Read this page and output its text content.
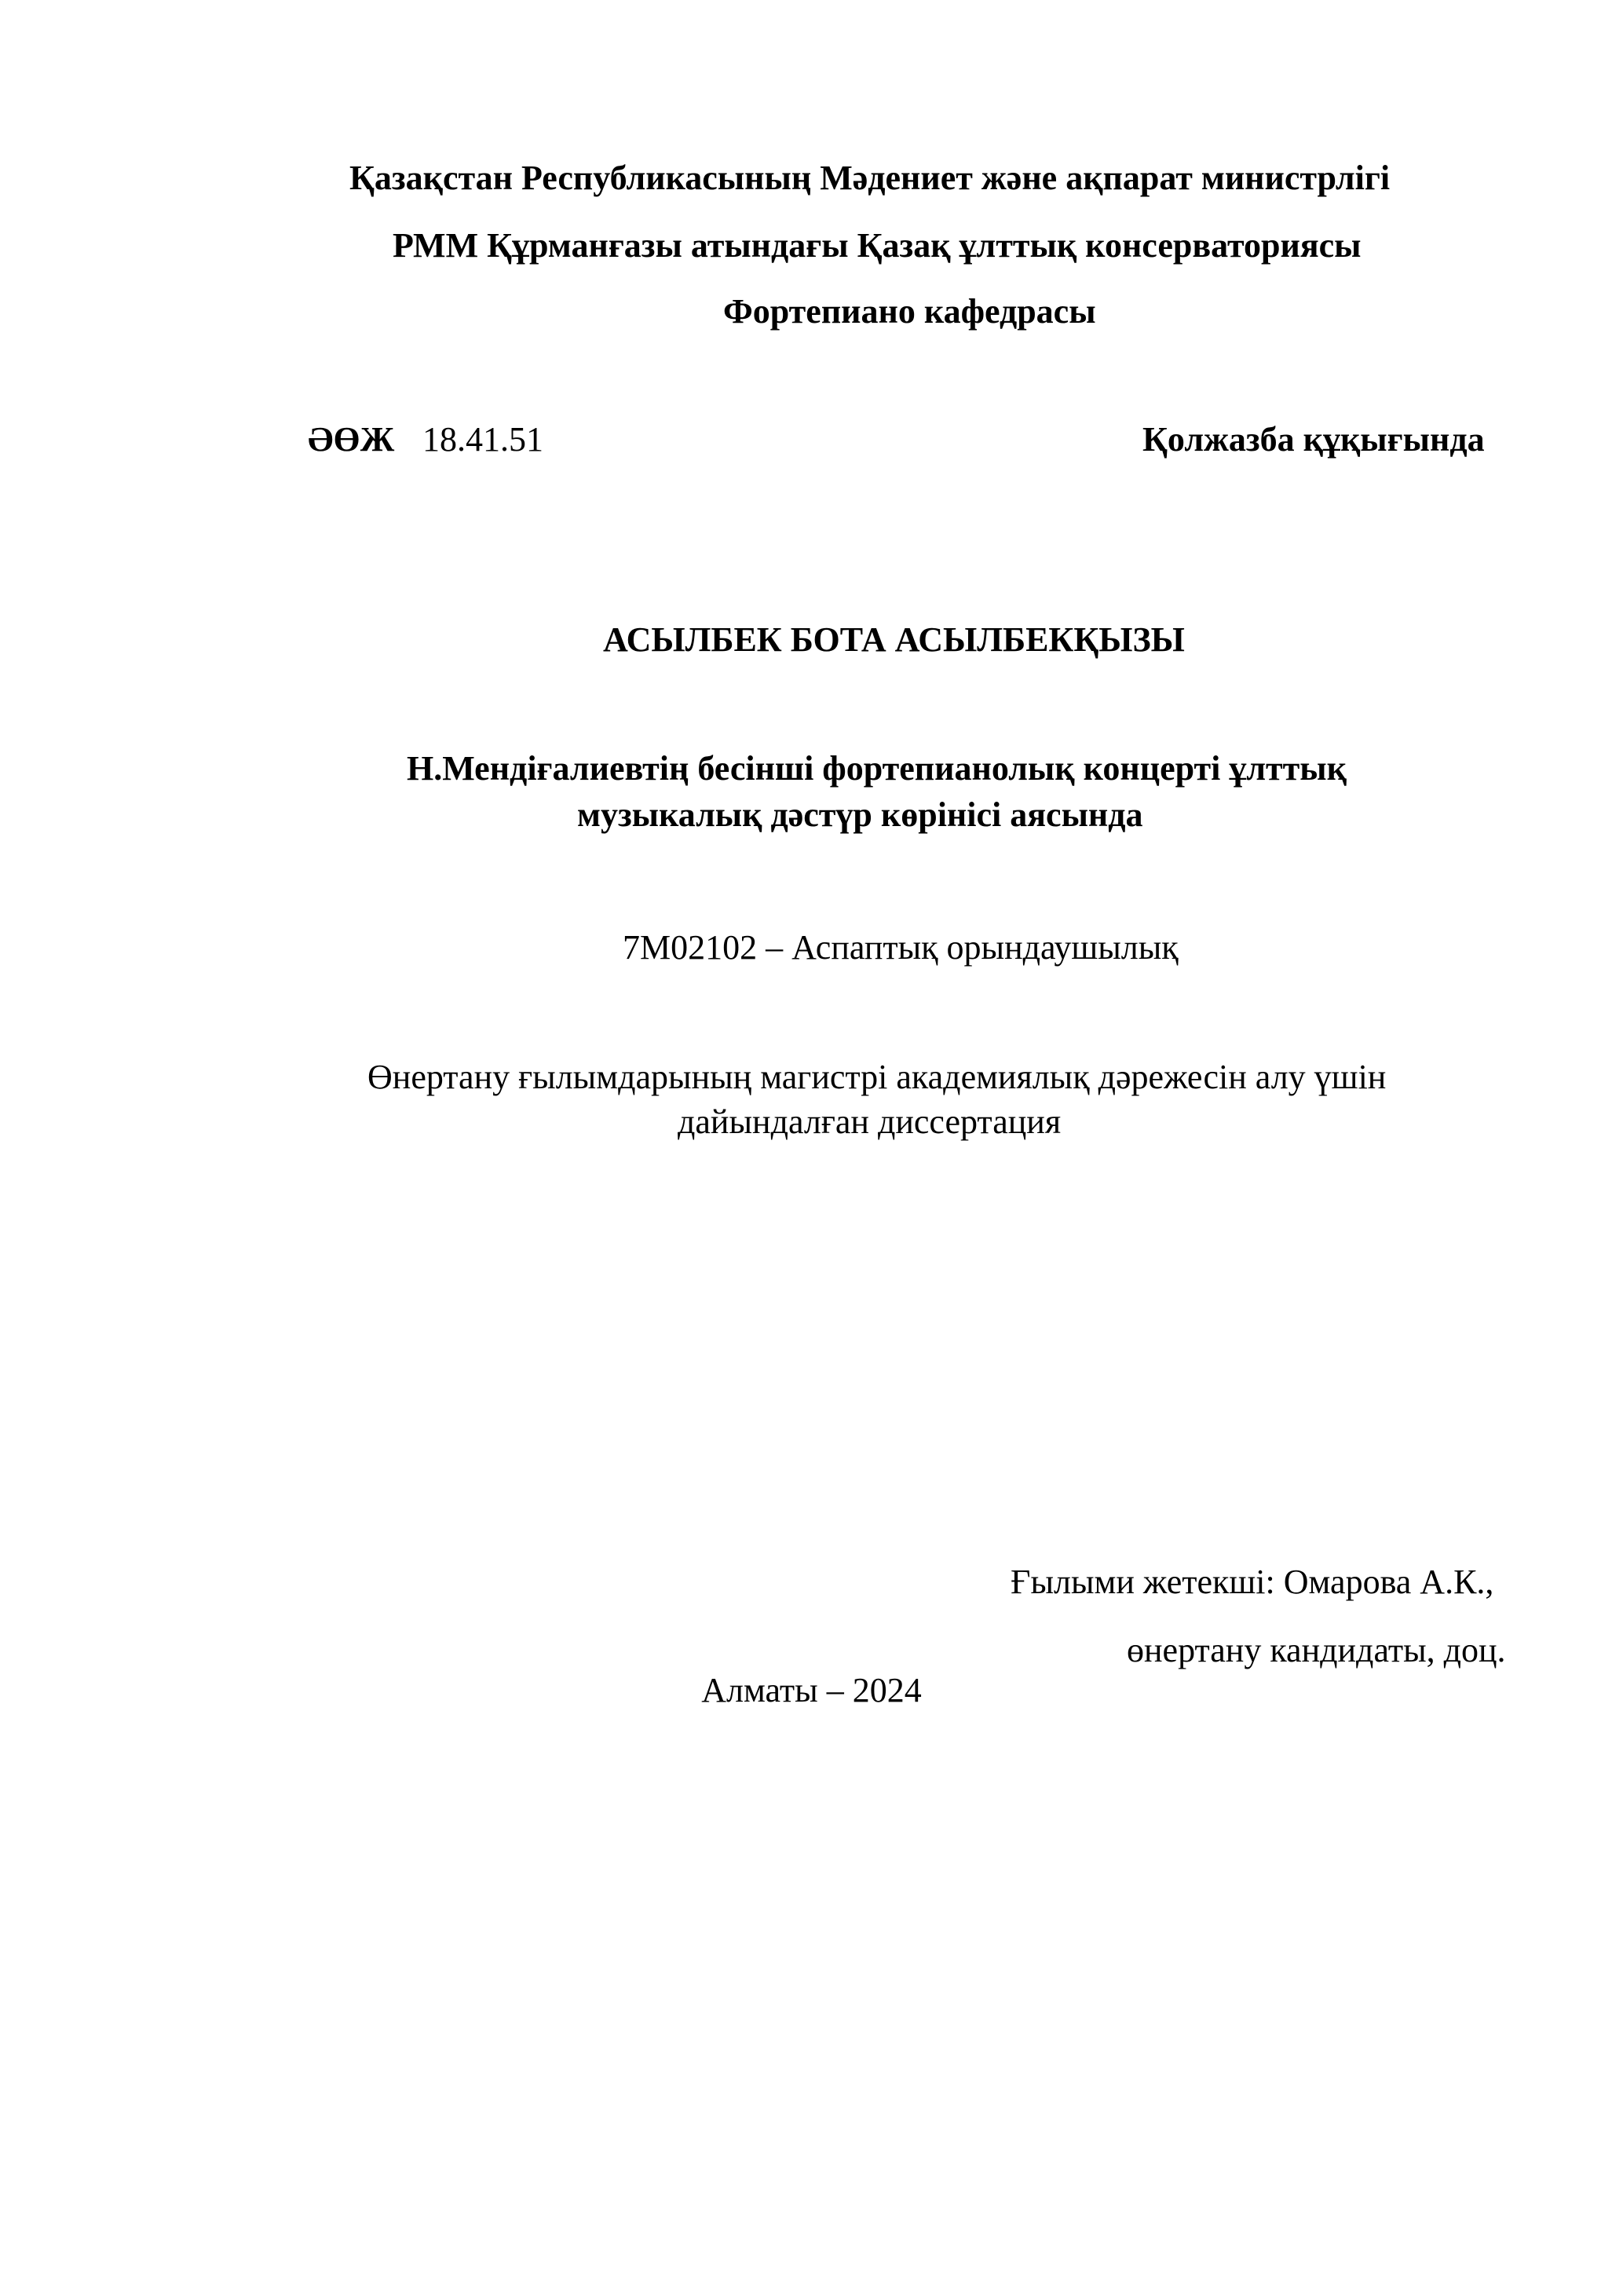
Қазақстан Республикасының Мәдениет және ақпарат министрлігі
РММ Құрманғазы атындағы Қазақ ұлттық консерваториясы
Фортепиано кафедрасы
ӘӨЖ 18.41.51	Қолжазба құқығында
АСЫЛБЕК БОТА АСЫЛБЕКҚЫЗЫ
Н.Мендіғалиевтің бесінші фортепианолық концерті ұлттық
музыкалық дәстүр көрінісі аясында
7М02102 – Аспаптық орындаушылық
Өнертану ғылымдарының магистрі академиялық дәрежесін алу үшін
дайындалған диссертация
Ғылыми жетекші: Омарова А.К.,
өнертану кандидаты, доц.
Алматы – 2024
